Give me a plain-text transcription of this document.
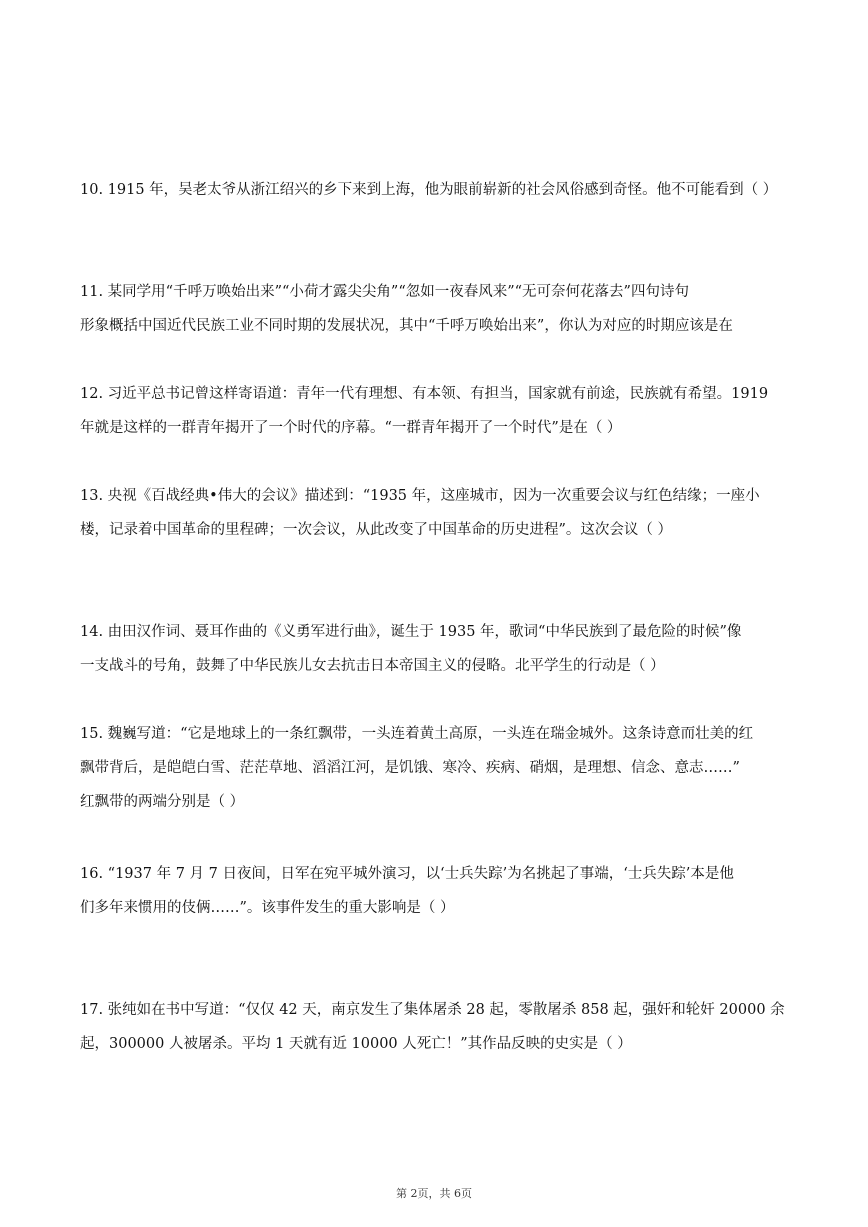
10. 1915 年，吴老太爷从浙江绍兴的乡下来到上海，他为眼前崭新的社会风俗感到奇怪。他不可能看到（ ）
11. 某同学用“千呼万唤始出来”“小荷才露尖尖角”“忽如一夜春风来”“无可奈何花落去”四句诗句
形象概括中国近代民族工业不同时期的发展状况，其中“千呼万唤始出来”，你认为对应的时期应该是在
12. 习近平总书记曾这样寄语道：青年一代有理想、有本领、有担当，国家就有前途，民族就有希望。1919
年就是这样的一群青年揭开了一个时代的序幕。“一群青年揭开了一个时代”是在（ ）
13. 央视《百战经典•伟大的会议》描述到：“1935 年，这座城市，因为一次重要会议与红色结缘；一座小
楼，记录着中国革命的里程碑；一次会议，从此改变了中国革命的历史进程”。这次会议（ ）
14. 由田汉作词、聂耳作曲的《义勇军进行曲》，诞生于 1935 年，歌词“中华民族到了最危险的时候”像
一支战斗的号角，鼓舞了中华民族儿女去抗击日本帝国主义的侵略。北平学生的行动是（ ）
15. 魏巍写道：“它是地球上的一条红飘带，一头连着黄土高原，一头连在瑞金城外。这条诗意而壮美的红
飘带背后，是皑皑白雪、茫茫草地、滔滔江河，是饥饿、寒冷、疾病、硝烟，是理想、信念、意志……”
红飘带的两端分别是（ ）
16. “1937 年 7 月 7 日夜间，日军在宛平城外演习，以‘士兵失踪’为名挑起了事端，‘士兵失踪’本是他
们多年来惯用的伎俩……”。该事件发生的重大影响是（ ）
17. 张纯如在书中写道：“仅仅 42 天，南京发生了集体屠杀 28 起，零散屠杀 858 起，强奸和轮奸 20000 余
起，300000 人被屠杀。平均 1 天就有近 10000 人死亡！”其作品反映的史实是（ ）
第 2页，共 6页
